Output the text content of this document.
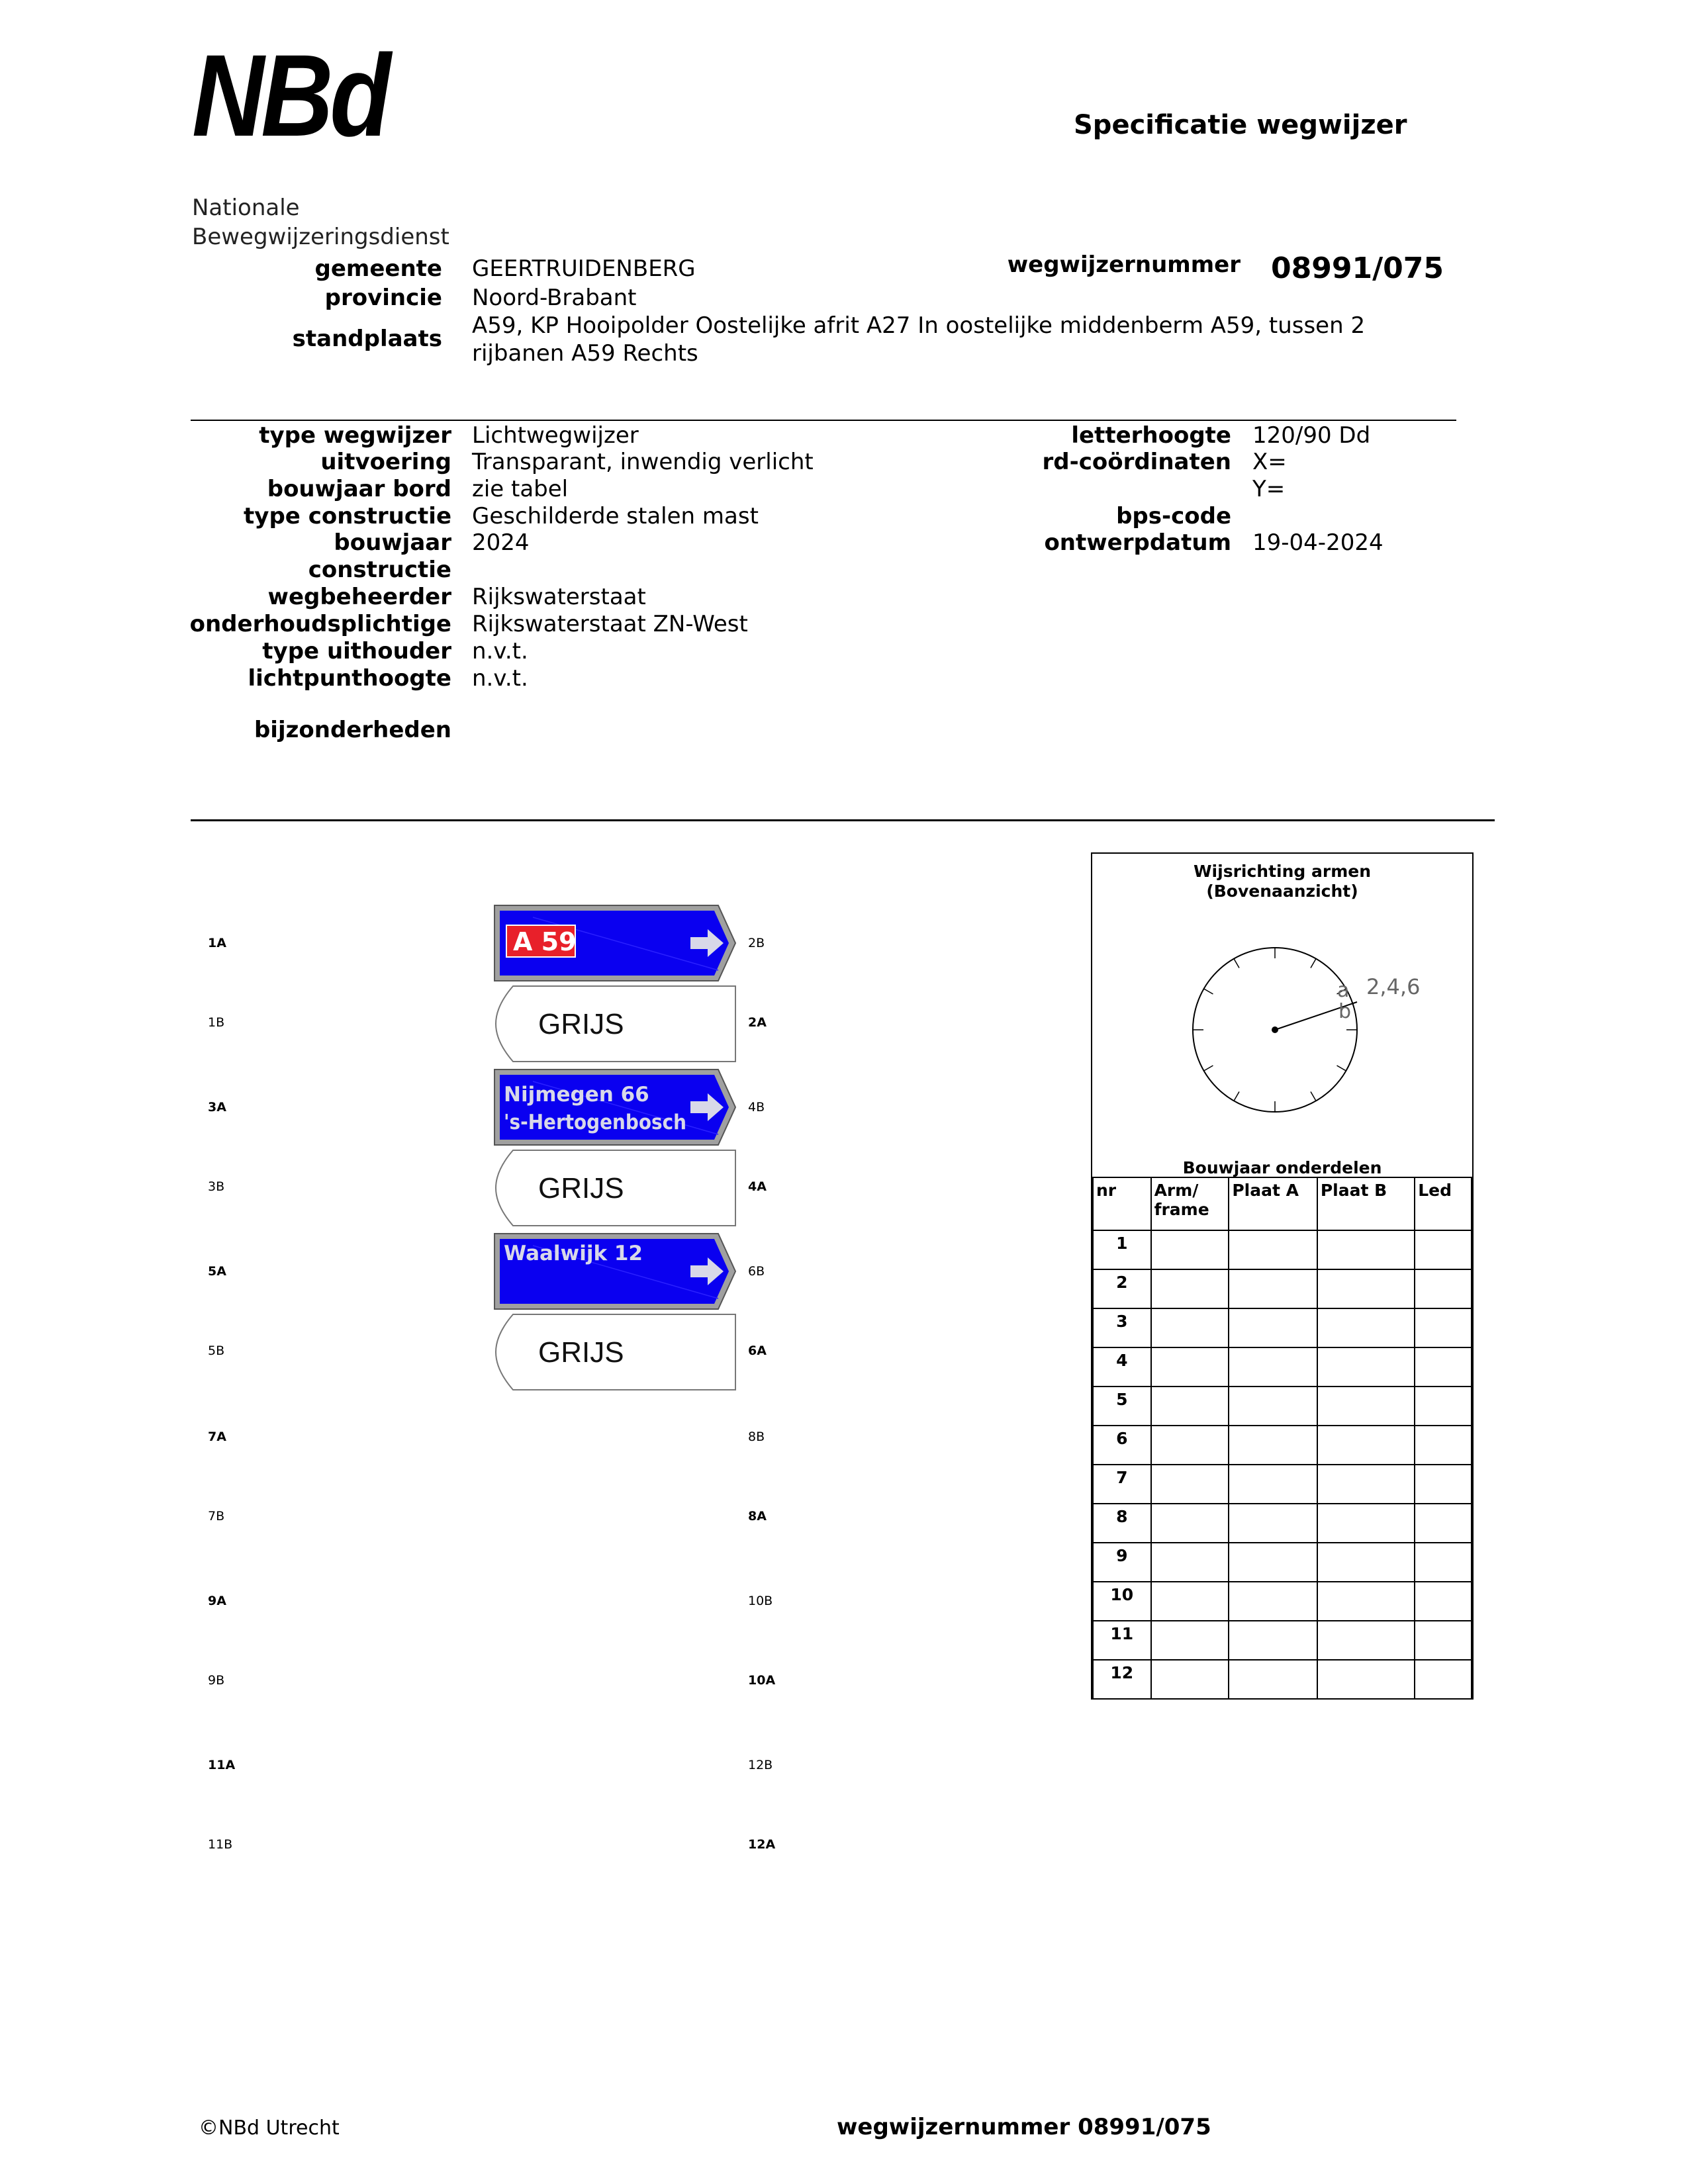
NBd
Nationale
Bewegwijzeringsdienst
Specificatie wegwijzer
gemeente GEERTRUIDENBERG
provincie Noord-Brabant
standplaats A59, KP Hooipolder Oostelijke afrit A27 In oostelijke middenberm A59, tussen 2
rijbanen A59 Rechts
wegwijzernummer 08991/075
type wegwijzer Lichtwegwijzer
uitvoering Transparant, inwendig verlicht
bouwjaar bord zie tabel
type constructie Geschilderde stalen mast
bouwjaar 2024
constructie
wegbeheerder Rijkswaterstaat
onderhoudsplichtige Rijkswaterstaat ZN-West
type uithouder n.v.t.
lichtpunthoogte n.v.t.
bijzonderheden
letterhoogte 120/90 Dd
rd-coördinaten X=
Y=
bps-code
ontwerpdatum 19-04-2024
1A
1B
3A
3B
5A
5B
7A
7B
9A
9B
11A
11B
2B
2A
4B
4A
6B
6A
8B
8A
10B
10A
12B
12A
A 59
GRIJS
Nijmegen 66
's-Hertogenbosch
GRIJS
Waalwijk 12
GRIJS
Wijsrichting armen
(Bovenaanzicht)
a
b
2,4,6
Bouwjaar onderdelen
nr	Arm/
frame	Plaat A	Plaat B	Led
1				
2				
3				
4				
5				
6				
7				
8				
9				
10				
11				
12				
©NBd Utrecht	wegwijzernummer 08991/075
